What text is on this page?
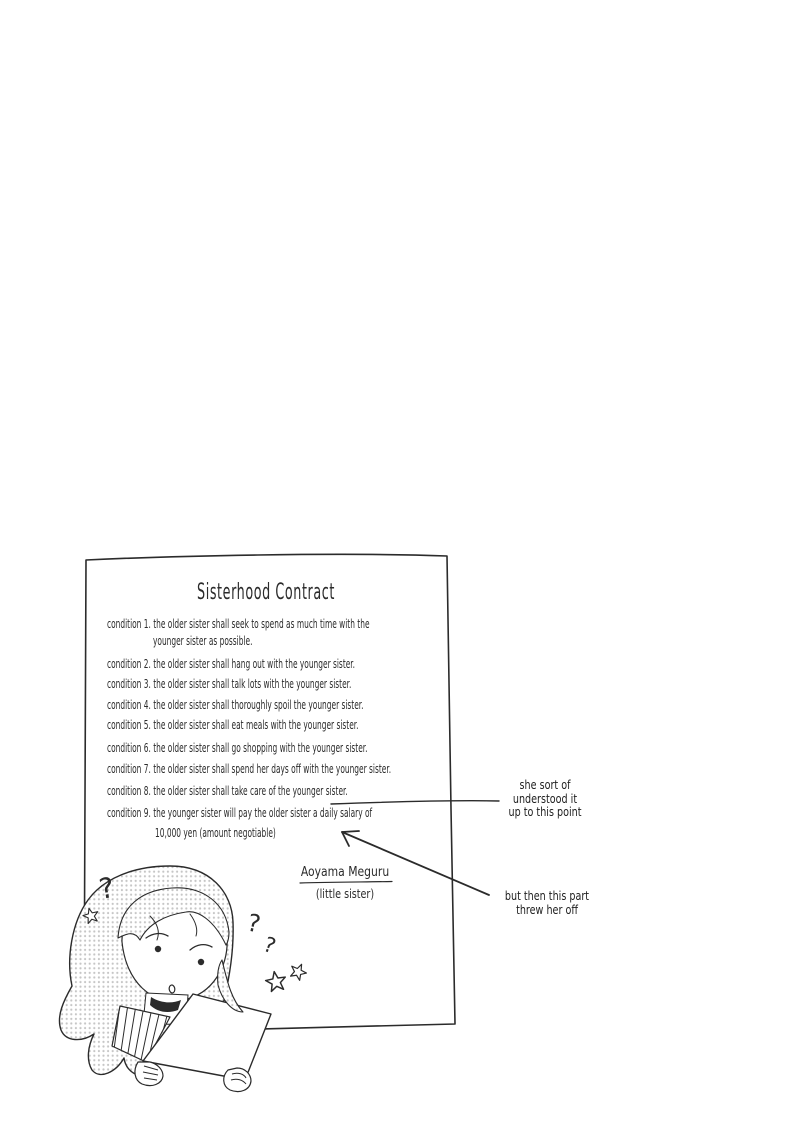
?
?
?
Sisterhood Contract
condition 1. the older sister shall seek to spend as much time with the
younger sister as possible.
condition 2. the older sister shall hang out with the younger sister.
condition 3. the older sister shall talk lots with the younger sister.
condition 4. the older sister shall thoroughly spoil the younger sister.
condition 5. the older sister shall eat meals with the younger sister.
condition 6. the older sister shall go shopping with the younger sister.
condition 7. the older sister shall spend her days off with the younger sister.
condition 8. the older sister shall take care of the younger sister.
condition 9. the younger sister will pay the older sister a daily salary of
10,000 yen (amount negotiable)
Aoyama Meguru
(little sister)
she sort of
understood it
up to this point
but then this part
threw her off
